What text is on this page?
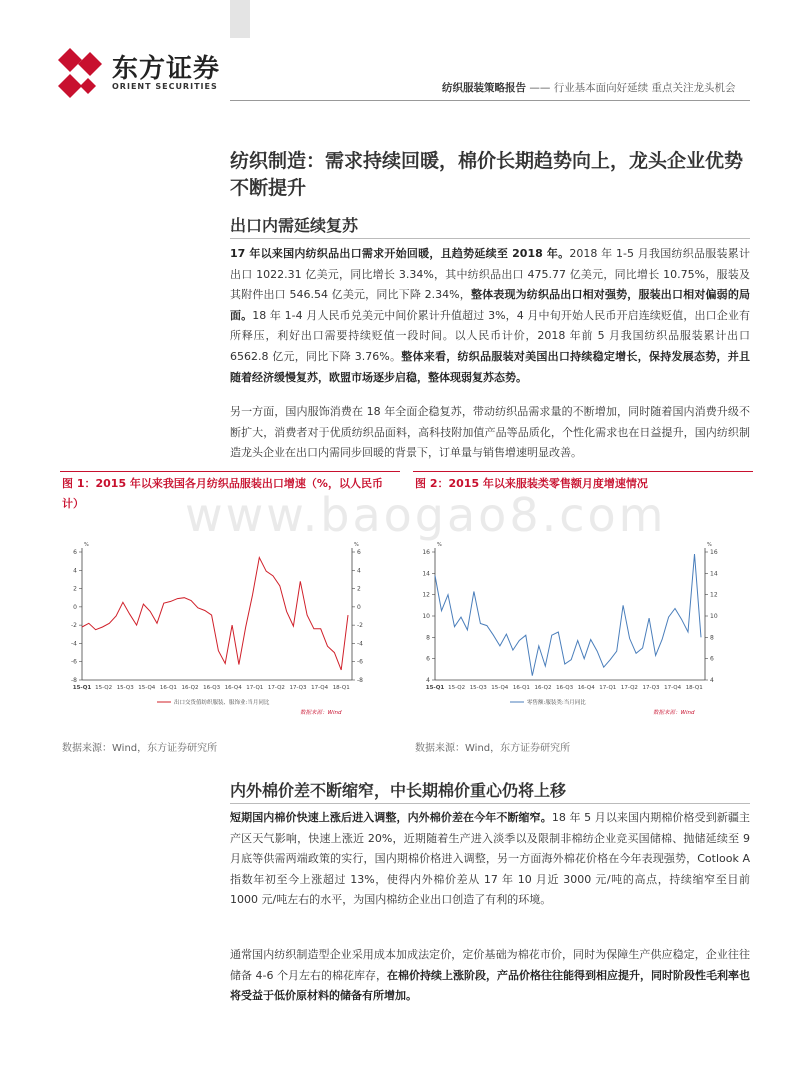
东方证券
ORIENT SECURITIES	纺织服装策略报告 —— 行业基本面向好延续 重点关注龙头机会
纺织制造：需求持续回暖，棉价长期趋势向上，龙头企业优势不断提升
出口内需延续复苏
17 年以来国内纺织品出口需求开始回暖，且趋势延续至 2018 年。2018 年 1-5 月我国纺织品服装累计出口 1022.31 亿美元，同比增长 3.34%，其中纺织品出口 475.77 亿美元，同比增长 10.75%，服装及其附件出口 546.54 亿美元，同比下降 2.34%，整体表现为纺织品出口相对强势，服装出口相对偏弱的局面。18 年 1-4 月人民币兑美元中间价累计升值超过 3%，4 月中旬开始人民币开启连续贬值，出口企业有所释压，利好出口需要持续贬值一段时间。以人民币计价，2018 年前 5 月我国纺织品服装累计出口 6562.8 亿元，同比下降 3.76%。整体来看，纺织品服装对美国出口持续稳定增长，保持发展态势，并且随着经济缓慢复苏，欧盟市场逐步启稳，整体现弱复苏态势。
另一方面，国内服饰消费在 18 年全面企稳复苏，带动纺织品需求量的不断增加，同时随着国内消费升级不断扩大，消费者对于优质纺织品面料，高科技附加值产品等品质化，个性化需求也在日益提升，国内纺织制造龙头企业在出口内需同步回暖的背景下，订单量与销售增速明显改善。
图 1：2015 年以来我国各月纺织品服装出口增速（%，以人民币计）
%	%
6	6
4	4
2	2
0	0
-2	-2
-4	-4
-6	-6
-8	-8
15-Q1 15-Q2 15-Q3 15-Q4 16-Q1 16-Q2 16-Q3 16-Q4 17-Q1 17-Q2 17-Q3 17-Q4 18-Q1
出口交货值纺织服装、服饰业:当月同比
数据来源：Wind
数据来源：Wind，东方证券研究所
图 2：2015 年以来服装类零售额月度增速情况
%	%
16	16
14	14
12	12
10	10
8	8
6	6
4	4
15-Q1 15-Q2 15-Q3 15-Q4 16-Q1 16-Q2 16-Q3 16-Q4 17-Q1 17-Q2 17-Q3 17-Q4 18-Q1
零售额:服装类:当月同比
数据来源：Wind
数据来源：Wind，东方证券研究所
www.baogao8.com
内外棉价差不断缩窄，中长期棉价重心仍将上移
短期国内棉价快速上涨后进入调整，内外棉价差在今年不断缩窄。18 年 5 月以来国内期棉价格受到新疆主产区天气影响，快速上涨近 20%，近期随着生产进入淡季以及限制非棉纺企业竞买国储棉、抛储延续至 9 月底等供需两端政策的实行，国内期棉价格进入调整，另一方面海外棉花价格在今年表现强势，Cotlook A 指数年初至今上涨超过 13%，使得内外棉价差从 17 年 10 月近 3000 元/吨的高点，持续缩窄至目前 1000 元/吨左右的水平，为国内棉纺企业出口创造了有利的环境。
通常国内纺织制造型企业采用成本加成法定价，定价基础为棉花市价，同时为保障生产供应稳定，企业往往储备 4-6 个月左右的棉花库存，在棉价持续上涨阶段，产品价格往往能得到相应提升，同时阶段性毛利率也将受益于低价原材料的储备有所增加。
